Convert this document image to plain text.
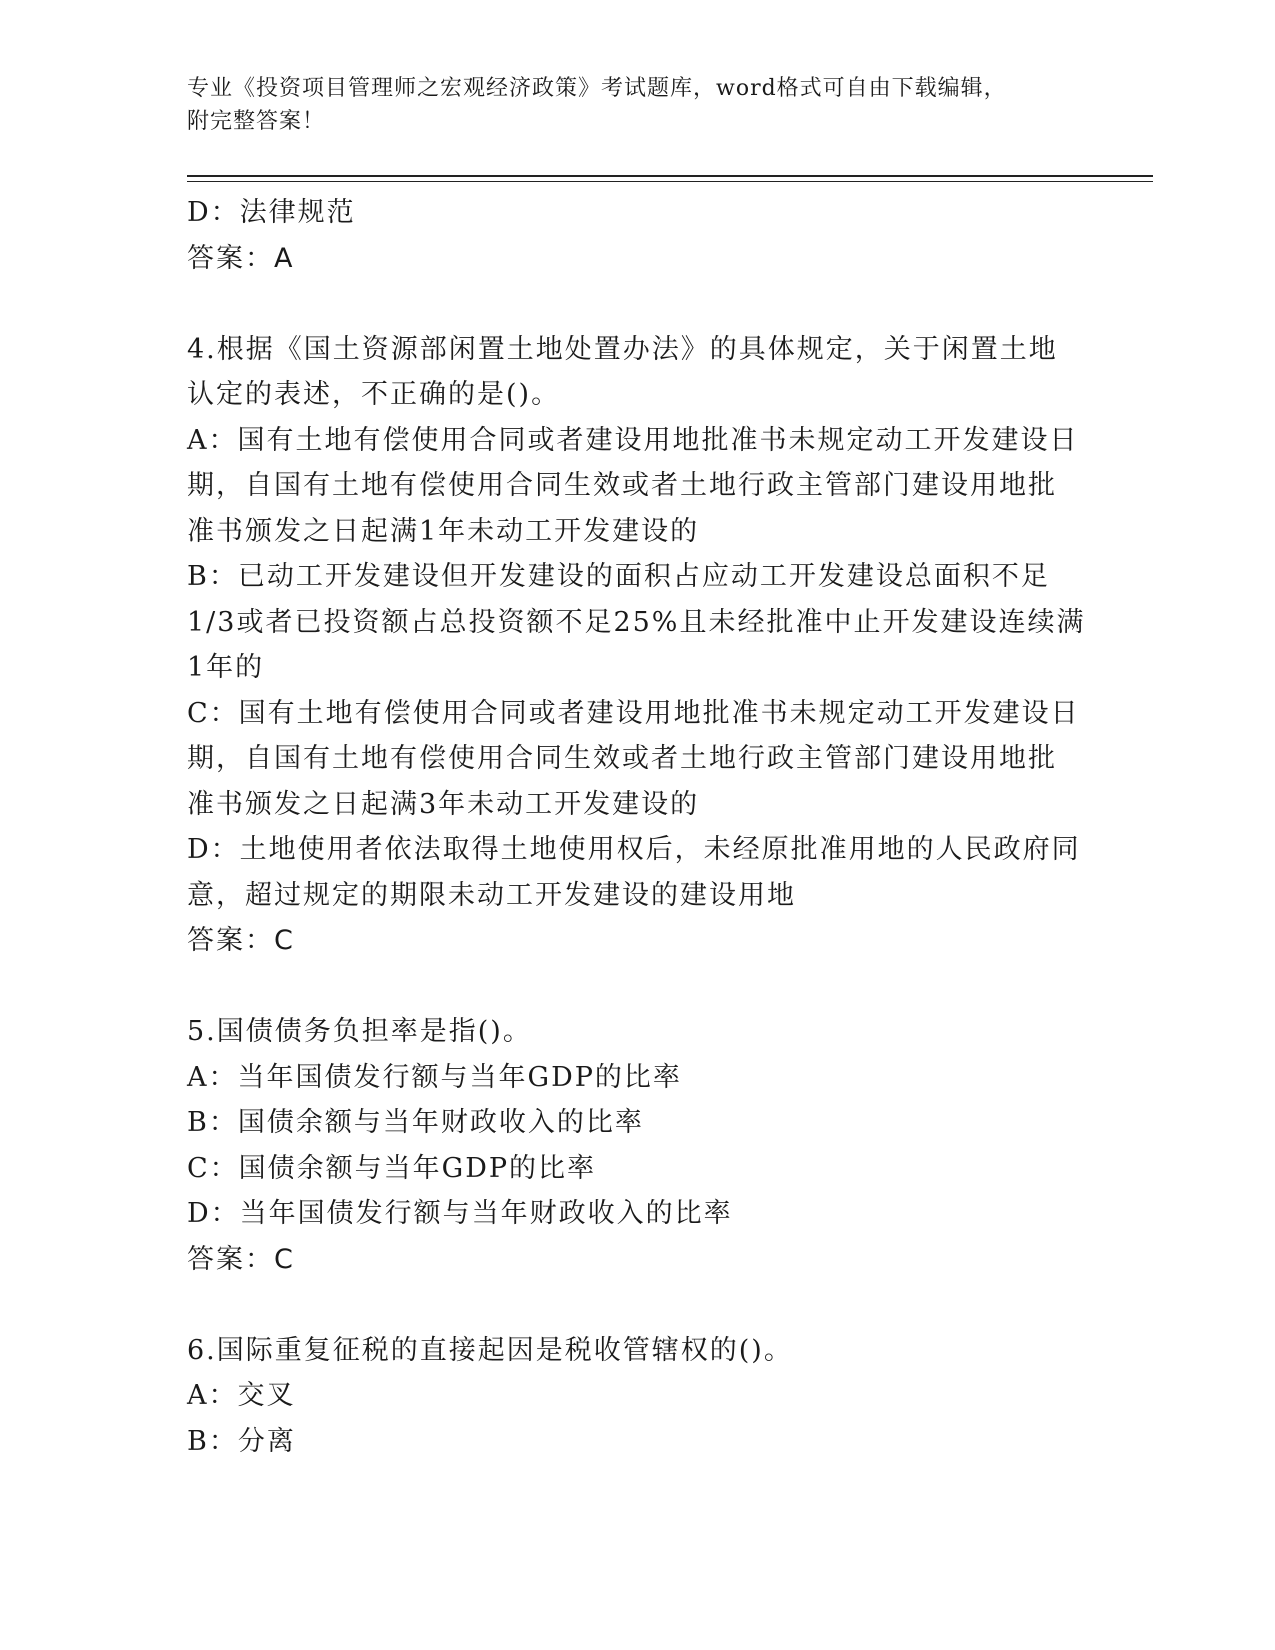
专业《投资项目管理师之宏观经济政策》考试题库，word格式可自由下载编辑，
附完整答案！

D：法律规范

答案：A

4.根据《国土资源部闲置土地处置办法》的具体规定，关于闲置土地

认定的表述，不正确的是()。

A：国有土地有偿使用合同或者建设用地批准书未规定动工开发建设日

期，自国有土地有偿使用合同生效或者土地行政主管部门建设用地批

准书颁发之日起满1年未动工开发建设的

B：已动工开发建设但开发建设的面积占应动工开发建设总面积不足

1/3或者已投资额占总投资额不足25%且未经批准中止开发建设连续满

1年的

C：国有土地有偿使用合同或者建设用地批准书未规定动工开发建设日

期，自国有土地有偿使用合同生效或者土地行政主管部门建设用地批

准书颁发之日起满3年未动工开发建设的

D：土地使用者依法取得土地使用权后，未经原批准用地的人民政府同

意，超过规定的期限未动工开发建设的建设用地

答案：C

5.国债债务负担率是指()。

A：当年国债发行额与当年GDP的比率

B：国债余额与当年财政收入的比率

C：国债余额与当年GDP的比率

D：当年国债发行额与当年财政收入的比率

答案：C

6.国际重复征税的直接起因是税收管辖权的()。

A：交叉

B：分离
